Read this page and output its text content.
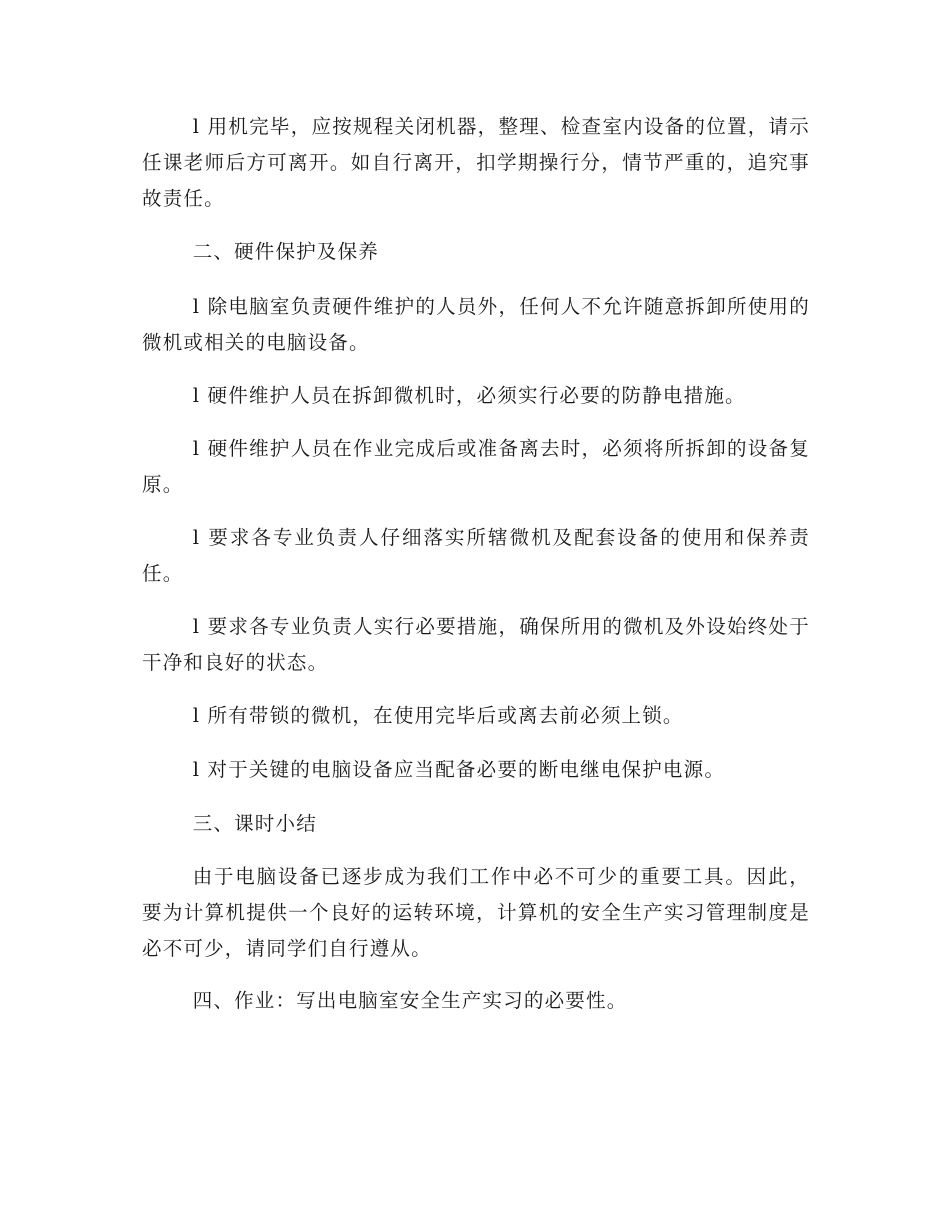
l 用机完毕，应按规程关闭机器，整理、检查室内设备的位置，请示任课老师后方可离开。如自行离开，扣学期操行分，情节严重的，追究事故责任。

二、硬件保护及保养

l 除电脑室负责硬件维护的人员外，任何人不允许随意拆卸所使用的微机或相关的电脑设备。

l 硬件维护人员在拆卸微机时，必须实行必要的防静电措施。

l 硬件维护人员在作业完成后或准备离去时，必须将所拆卸的设备复原。

l 要求各专业负责人仔细落实所辖微机及配套设备的使用和保养责任。

l 要求各专业负责人实行必要措施，确保所用的微机及外设始终处于干净和良好的状态。

l 所有带锁的微机，在使用完毕后或离去前必须上锁。

l 对于关键的电脑设备应当配备必要的断电继电保护电源。

三、课时小结

由于电脑设备已逐步成为我们工作中必不可少的重要工具。因此，要为计算机提供一个良好的运转环境，计算机的安全生产实习管理制度是必不可少，请同学们自行遵从。

四、作业：写出电脑室安全生产实习的必要性。
